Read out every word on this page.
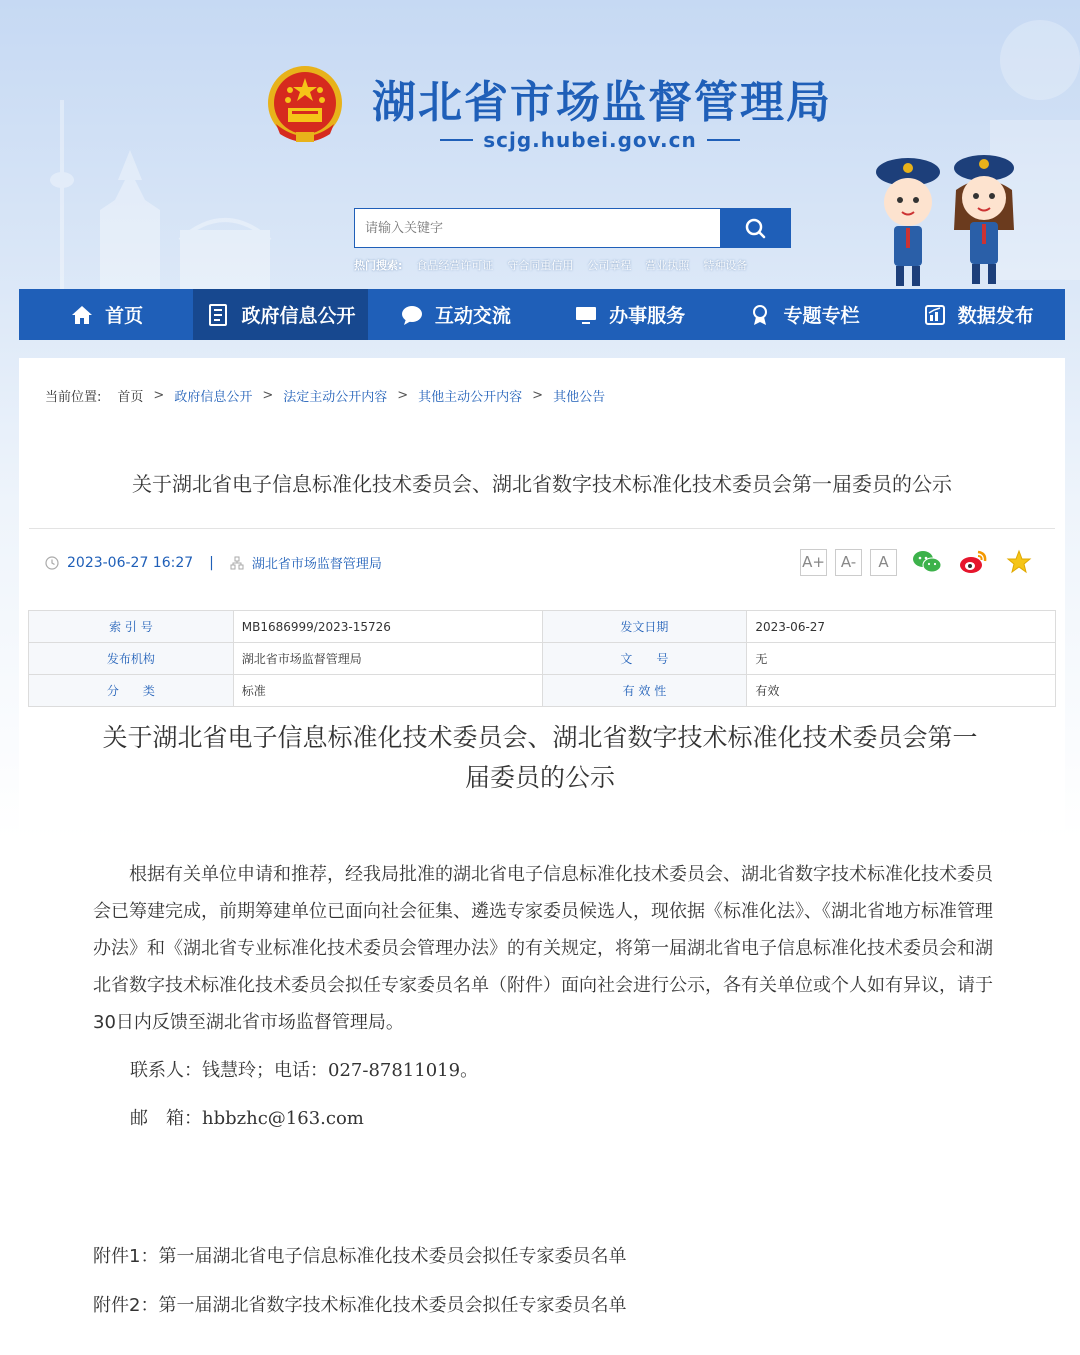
湖北省市场监督管理局
scjg.hubei.gov.cn
请输入关键字
热门搜索: 食品经营许可证 守合同重信用 公司章程 营业执照 特种设备
首页	政府信息公开	互动交流	办事服务	专题专栏	数据发布
当前位置: 首页 > 政府信息公开 > 法定主动公开内容 > 其他主动公开内容 > 其他公告
关于湖北省电子信息标准化技术委员会、湖北省数字技术标准化技术委员会第一届委员的公示
2023-06-27 16:27 |	湖北省市场监督管理局	A+	A-	A
索 引 号	MB1686999/2023-15726	发文日期	2023-06-27
发布机构	湖北省市场监督管理局	文　　号	无
分　　类	标准	有 效 性	有效
关于湖北省电子信息标准化技术委员会、湖北省数字技术标准化技术委员会第一
届委员的公示

根据有关单位申请和推荐，经我局批准的湖北省电子信息标准化技术委员会、湖北省数字技术标准化技术委员会已筹建完成，前期筹建单位已面向社会征集、遴选专家委员候选人，现依据《标准化法》、《湖北省地方标准管理办法》和《湖北省专业标准化技术委员会管理办法》的有关规定，将第一届湖北省电子信息标准化技术委员会和湖北省数字技术标准化技术委员会拟任专家委员名单（附件）面向社会进行公示，各有关单位或个人如有异议，请于30日内反馈至湖北省市场监督管理局。

联系人：钱慧玲；电话：027-87811019。
邮　箱：hbbzhc@163.com
附件1：第一届湖北省电子信息标准化技术委员会拟任专家委员名单
附件2：第一届湖北省数字技术标准化技术委员会拟任专家委员名单
